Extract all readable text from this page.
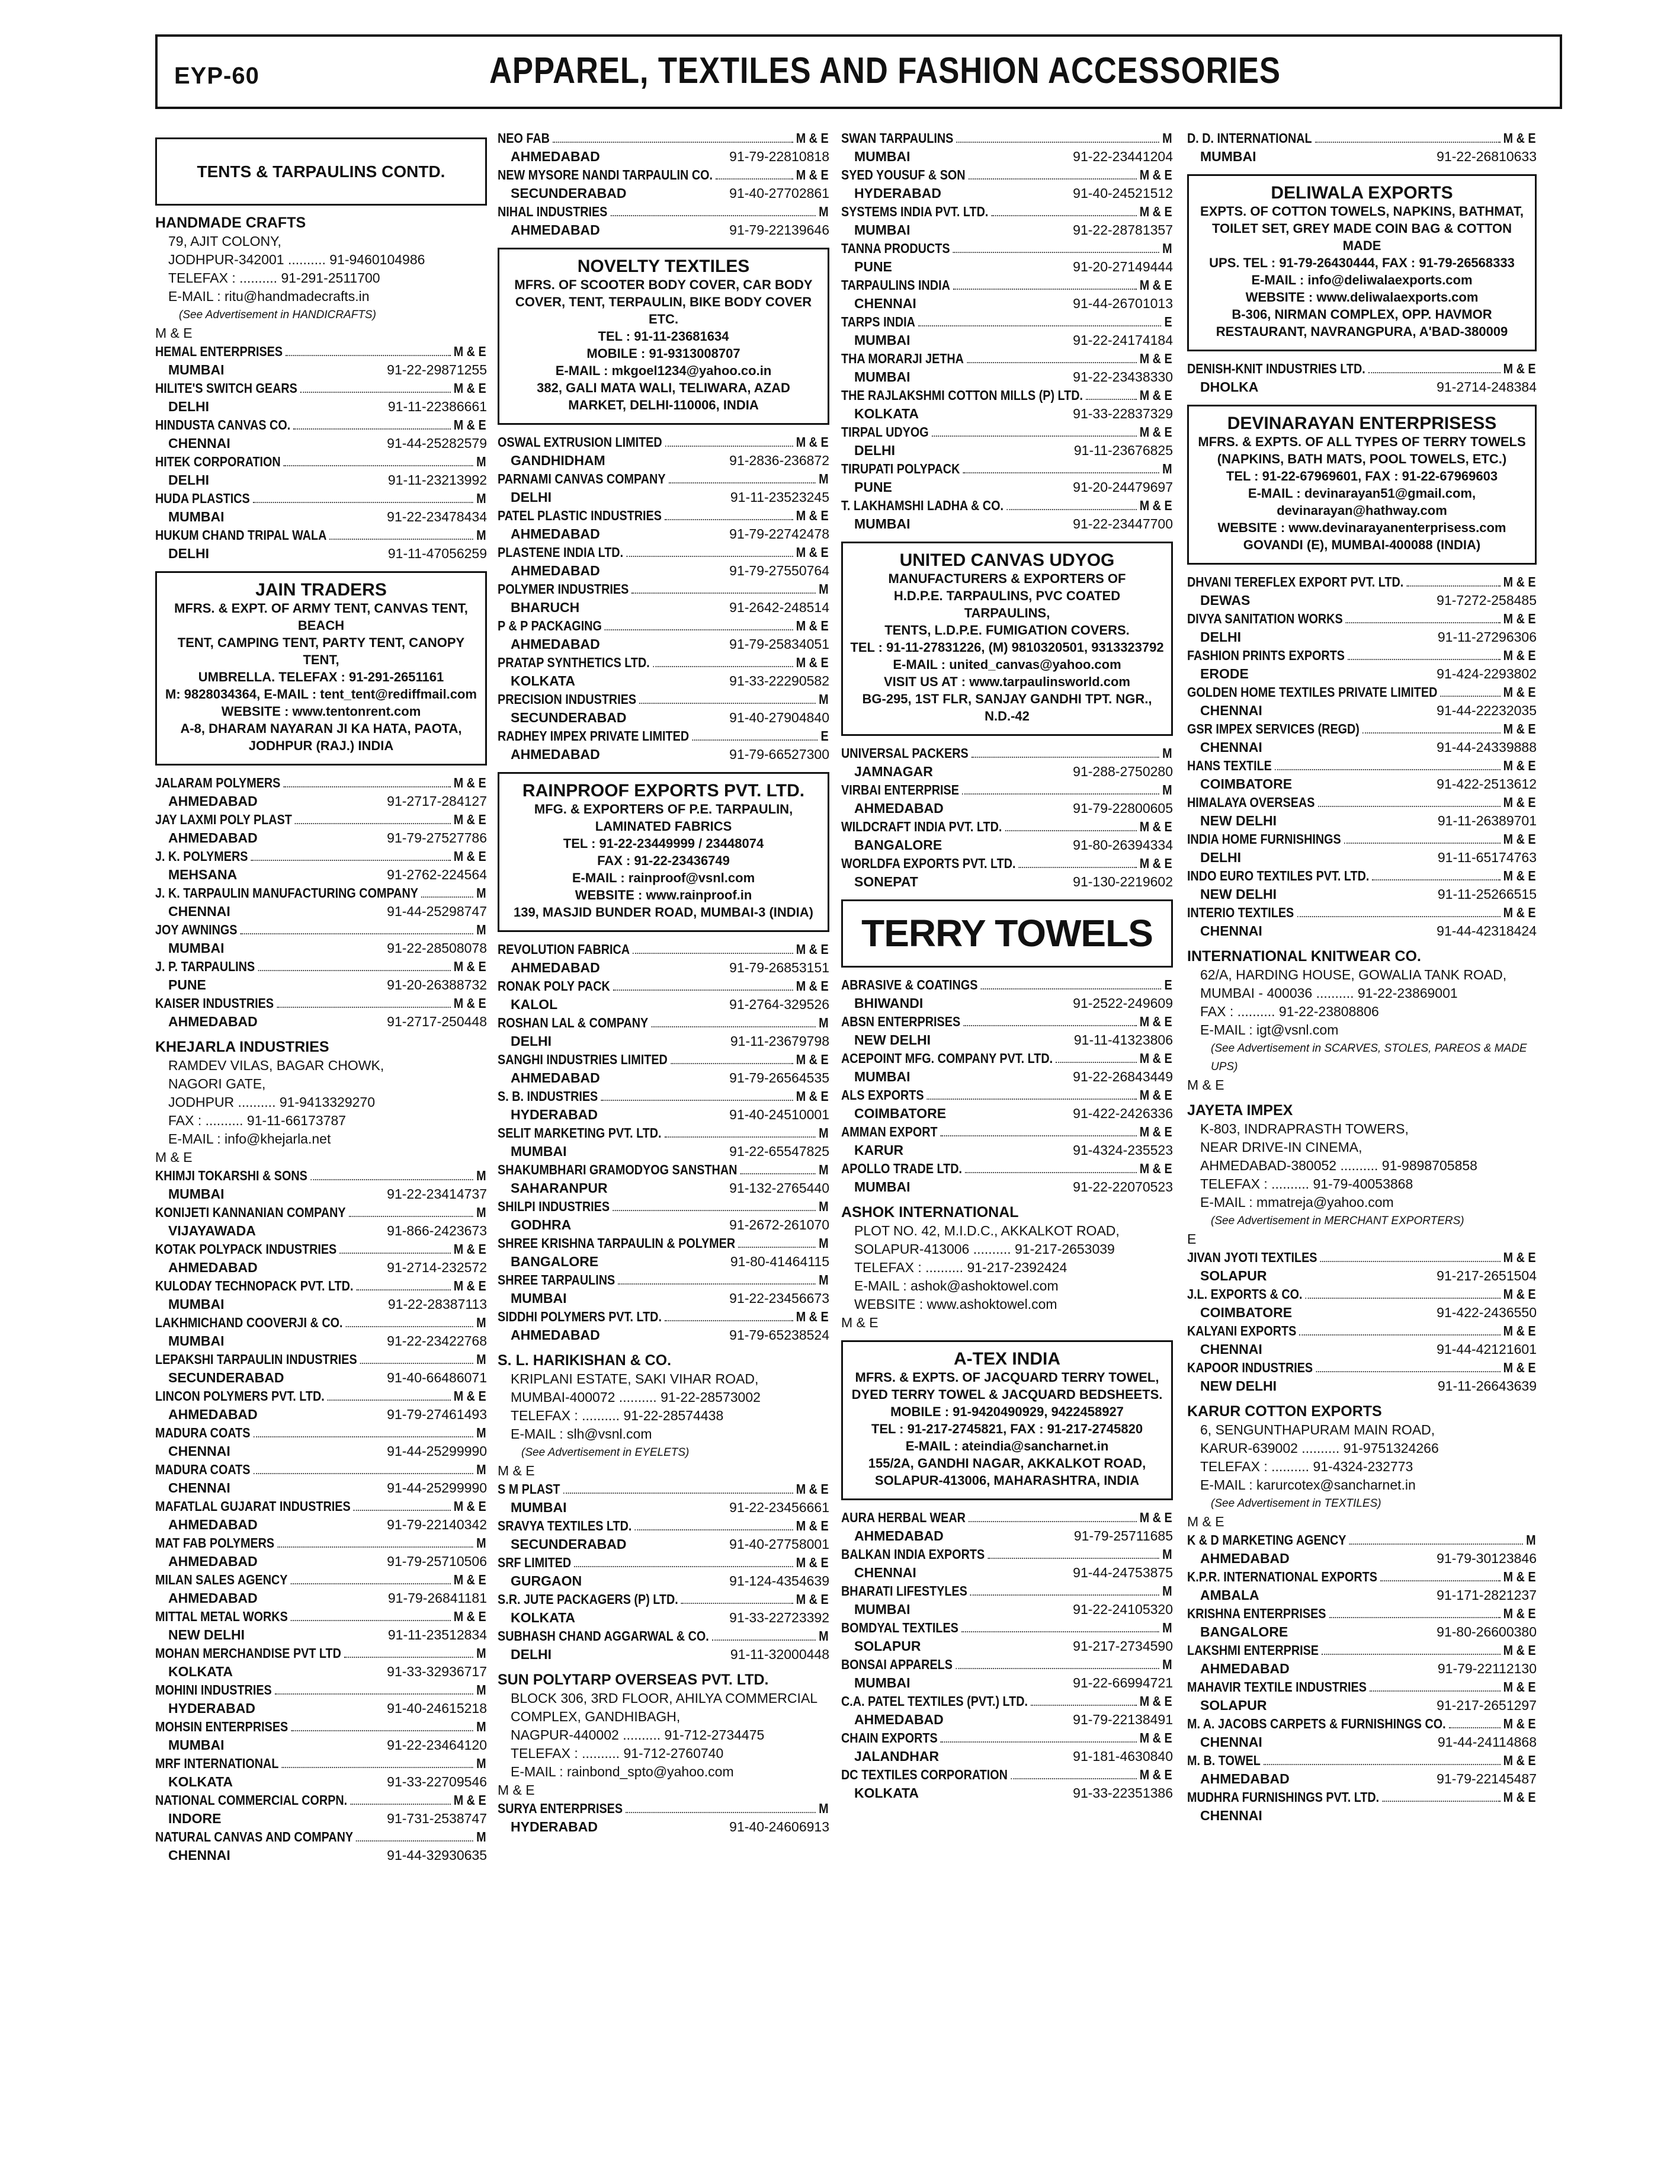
EYP-60	APPAREL, TEXTILES AND FASHION ACCESSORIES
TENTS & TARPAULINS CONTD.
HANDMADE CRAFTS
79, AJIT COLONY,
JODHPUR-342001 .......... 91-9460104986
TELEFAX : .......... 91-291-2511700
E-MAIL : ritu@handmadecrafts.in
(See Advertisement in HANDICRAFTS)
M & E
HEMAL ENTERPRISES	M & E
MUMBAI	91-22-29871255
HILITE'S SWITCH GEARS	M & E
DELHI	91-11-22386661
HINDUSTA CANVAS CO.	M & E
CHENNAI	91-44-25282579
HITEK CORPORATION	M
DELHI	91-11-23213992
HUDA PLASTICS	M
MUMBAI	91-22-23478434
HUKUM CHAND TRIPAL WALA	M
DELHI	91-11-47056259
JAIN TRADERS
MFRS. & EXPT. OF ARMY TENT, CANVAS TENT, BEACH
TENT, CAMPING TENT, PARTY TENT, CANOPY TENT,
UMBRELLA. TELEFAX : 91-291-2651161
M: 9828034364, E-MAIL : tent_tent@rediffmail.com
WEBSITE : www.tentonrent.com
A-8, DHARAM NAYARAN JI KA HATA, PAOTA,
JODHPUR (RAJ.) INDIA
JALARAM POLYMERS	M & E
AHMEDABAD	91-2717-284127
JAY LAXMI POLY PLAST	M & E
AHMEDABAD	91-79-27527786
J. K. POLYMERS	M & E
MEHSANA	91-2762-224564
J. K. TARPAULIN MANUFACTURING COMPANY	M
CHENNAI	91-44-25298747
JOY AWNINGS	M
MUMBAI	91-22-28508078
J. P. TARPAULINS	M & E
PUNE	91-20-26388732
KAISER INDUSTRIES	M & E
AHMEDABAD	91-2717-250448
KHEJARLA INDUSTRIES
RAMDEV VILAS, BAGAR CHOWK,
NAGORI GATE,
JODHPUR .......... 91-9413329270
FAX : .......... 91-11-66173787
E-MAIL : info@khejarla.net
M & E
KHIMJI TOKARSHI & SONS	M
MUMBAI	91-22-23414737
KONIJETI KANNANIAN COMPANY	M
VIJAYAWADA	91-866-2423673
KOTAK POLYPACK INDUSTRIES	M & E
AHMEDABAD	91-2714-232572
KULODAY TECHNOPACK PVT. LTD.	M & E
MUMBAI	91-22-28387113
LAKHMICHAND COOVERJI & CO.	M
MUMBAI	91-22-23422768
LEPAKSHI TARPAULIN INDUSTRIES	M
SECUNDERABAD	91-40-66486071
LINCON POLYMERS PVT. LTD.	M & E
AHMEDABAD	91-79-27461493
MADURA COATS	M
CHENNAI	91-44-25299990
MADURA COATS	M
CHENNAI	91-44-25299990
MAFATLAL GUJARAT INDUSTRIES	M & E
AHMEDABAD	91-79-22140342
MAT FAB POLYMERS	M
AHMEDABAD	91-79-25710506
MILAN SALES AGENCY	M & E
AHMEDABAD	91-79-26841181
MITTAL METAL WORKS	M & E
NEW DELHI	91-11-23512834
MOHAN MERCHANDISE PVT LTD	M
KOLKATA	91-33-32936717
MOHINI INDUSTRIES	M
HYDERABAD	91-40-24615218
MOHSIN ENTERPRISES	M
MUMBAI	91-22-23464120
MRF INTERNATIONAL	M
KOLKATA	91-33-22709546
NATIONAL COMMERCIAL CORPN.	M & E
INDORE	91-731-2538747
NATURAL CANVAS AND COMPANY	M
CHENNAI	91-44-32930635
NEO FAB	M & E
AHMEDABAD	91-79-22810818
NEW MYSORE NANDI TARPAULIN CO.	M & E
SECUNDERABAD	91-40-27702861
NIHAL INDUSTRIES	M
AHMEDABAD	91-79-22139646
NOVELTY TEXTILES
MFRS. OF SCOOTER BODY COVER, CAR BODY
COVER, TENT, TERPAULIN, BIKE BODY COVER ETC.
TEL : 91-11-23681634
MOBILE : 91-9313008707
E-MAIL : mkgoel1234@yahoo.co.in
382, GALI MATA WALI, TELIWARA, AZAD
MARKET, DELHI-110006, INDIA
OSWAL EXTRUSION LIMITED	M & E
GANDHIDHAM	91-2836-236872
PARNAMI CANVAS COMPANY	M
DELHI	91-11-23523245
PATEL PLASTIC INDUSTRIES	M & E
AHMEDABAD	91-79-22742478
PLASTENE INDIA LTD.	M & E
AHMEDABAD	91-79-27550764
POLYMER INDUSTRIES	M
BHARUCH	91-2642-248514
P & P PACKAGING	M & E
AHMEDABAD	91-79-25834051
PRATAP SYNTHETICS LTD.	M & E
KOLKATA	91-33-22290582
PRECISION INDUSTRIES	M
SECUNDERABAD	91-40-27904840
RADHEY IMPEX PRIVATE LIMITED	E
AHMEDABAD	91-79-66527300
RAINPROOF EXPORTS PVT. LTD.
MFG. & EXPORTERS OF P.E. TARPAULIN,
LAMINATED FABRICS
TEL : 91-22-23449999 / 23448074
FAX : 91-22-23436749
E-MAIL : rainproof@vsnl.com
WEBSITE : www.rainproof.in
139, MASJID BUNDER ROAD, MUMBAI-3 (INDIA)
REVOLUTION FABRICA	M & E
AHMEDABAD	91-79-26853151
RONAK POLY PACK	M & E
KALOL	91-2764-329526
ROSHAN LAL & COMPANY	M
DELHI	91-11-23679798
SANGHI INDUSTRIES LIMITED	M & E
AHMEDABAD	91-79-26564535
S. B. INDUSTRIES	M & E
HYDERABAD	91-40-24510001
SELIT MARKETING PVT. LTD.	M
MUMBAI	91-22-65547825
SHAKUMBHARI GRAMODYOG SANSTHAN	M
SAHARANPUR	91-132-2765440
SHILPI INDUSTRIES	M
GODHRA	91-2672-261070
SHREE KRISHNA TARPAULIN & POLYMER	M
BANGALORE	91-80-41464115
SHREE TARPAULINS	M
MUMBAI	91-22-23456673
SIDDHI POLYMERS PVT. LTD.	M & E
AHMEDABAD	91-79-65238524
S. L. HARIKISHAN & CO.
KRIPLANI ESTATE, SAKI VIHAR ROAD,
MUMBAI-400072 .......... 91-22-28573002
TELEFAX : .......... 91-22-28574438
E-MAIL : slh@vsnl.com
(See Advertisement in EYELETS)
M & E
S M PLAST	M & E
MUMBAI	91-22-23456661
SRAVYA TEXTILES LTD.	M & E
SECUNDERABAD	91-40-27758001
SRF LIMITED	M & E
GURGAON	91-124-4354639
S.R. JUTE PACKAGERS (P) LTD.	M & E
KOLKATA	91-33-22723392
SUBHASH CHAND AGGARWAL & CO.	M
DELHI	91-11-32000448
SUN POLYTARP OVERSEAS PVT. LTD.
BLOCK 306, 3RD FLOOR, AHILYA COMMERCIAL
COMPLEX, GANDHIBAGH,
NAGPUR-440002 .......... 91-712-2734475
TELEFAX : .......... 91-712-2760740
E-MAIL : rainbond_spto@yahoo.com
M & E
SURYA ENTERPRISES	M
HYDERABAD	91-40-24606913
SWAN TARPAULINS	M
MUMBAI	91-22-23441204
SYED YOUSUF & SON	M & E
HYDERABAD	91-40-24521512
SYSTEMS INDIA PVT. LTD.	M & E
MUMBAI	91-22-28781357
TANNA PRODUCTS	M
PUNE	91-20-27149444
TARPAULINS INDIA	M & E
CHENNAI	91-44-26701013
TARPS INDIA	E
MUMBAI	91-22-24174184
THA MORARJI JETHA	M & E
MUMBAI	91-22-23438330
THE RAJLAKSHMI COTTON MILLS (P) LTD.	M & E
KOLKATA	91-33-22837329
TIRPAL UDYOG	M & E
DELHI	91-11-23676825
TIRUPATI POLYPACK	M
PUNE	91-20-24479697
T. LAKHAMSHI LADHA & CO.	M & E
MUMBAI	91-22-23447700
UNITED CANVAS UDYOG
MANUFACTURERS & EXPORTERS OF
H.D.P.E. TARPAULINS, PVC COATED TARPAULINS,
TENTS, L.D.P.E. FUMIGATION COVERS.
TEL : 91-11-27831226, (M) 9810320501, 9313323792
E-MAIL : united_canvas@yahoo.com
VISIT US AT : www.tarpaulinsworld.com
BG-295, 1ST FLR, SANJAY GANDHI TPT. NGR., N.D.-42
UNIVERSAL PACKERS	M
JAMNAGAR	91-288-2750280
VIRBAI ENTERPRISE	M
AHMEDABAD	91-79-22800605
WILDCRAFT INDIA PVT. LTD.	M & E
BANGALORE	91-80-26394334
WORLDFA EXPORTS PVT. LTD.	M & E
SONEPAT	91-130-2219602
TERRY TOWELS
ABRASIVE & COATINGS	E
BHIWANDI	91-2522-249609
ABSN ENTERPRISES	M & E
NEW DELHI	91-11-41323806
ACEPOINT MFG. COMPANY PVT. LTD.	M & E
MUMBAI	91-22-26843449
ALS EXPORTS	M & E
COIMBATORE	91-422-2426336
AMMAN EXPORT	M & E
KARUR	91-4324-235523
APOLLO TRADE LTD.	M & E
MUMBAI	91-22-22070523
ASHOK INTERNATIONAL
PLOT NO. 42, M.I.D.C., AKKALKOT ROAD,
SOLAPUR-413006 .......... 91-217-2653039
TELEFAX : .......... 91-217-2392424
E-MAIL : ashok@ashoktowel.com
WEBSITE : www.ashoktowel.com
M & E
A-TEX INDIA
MFRS. & EXPTS. OF JACQUARD TERRY TOWEL,
DYED TERRY TOWEL & JACQUARD BEDSHEETS.
MOBILE : 91-9420490929, 9422458927
TEL : 91-217-2745821, FAX : 91-217-2745820
E-MAIL : ateindia@sancharnet.in
155/2A, GANDHI NAGAR, AKKALKOT ROAD,
SOLAPUR-413006, MAHARASHTRA, INDIA
AURA HERBAL WEAR	M & E
AHMEDABAD	91-79-25711685
BALKAN INDIA EXPORTS	M
CHENNAI	91-44-24753875
BHARATI LIFESTYLES	M
MUMBAI	91-22-24105320
BOMDYAL TEXTILES	M
SOLAPUR	91-217-2734590
BONSAI APPARELS	M
MUMBAI	91-22-66994721
C.A. PATEL TEXTILES (PVT.) LTD.	M & E
AHMEDABAD	91-79-22138491
CHAIN EXPORTS	M & E
JALANDHAR	91-181-4630840
DC TEXTILES CORPORATION	M & E
KOLKATA	91-33-22351386
D. D. INTERNATIONAL	M & E
MUMBAI	91-22-26810633
DELIWALA EXPORTS
EXPTS. OF COTTON TOWELS, NAPKINS, BATHMAT,
TOILET SET, GREY MADE COIN BAG & COTTON MADE
UPS. TEL : 91-79-26430444, FAX : 91-79-26568333
E-MAIL : info@deliwalaexports.com
WEBSITE : www.deliwalaexports.com
B-306, NIRMAN COMPLEX, OPP. HAVMOR
RESTAURANT, NAVRANGPURA, A'BAD-380009
DENISH-KNIT INDUSTRIES LTD.	M & E
DHOLKA	91-2714-248384
DEVINARAYAN ENTERPRISESS
MFRS. & EXPTS. OF ALL TYPES OF TERRY TOWELS
(NAPKINS, BATH MATS, POOL TOWELS, ETC.)
TEL : 91-22-67969601, FAX : 91-22-67969603
E-MAIL : devinarayan51@gmail.com,
devinarayan@hathway.com
WEBSITE : www.devinarayanenterprisess.com
GOVANDI (E), MUMBAI-400088 (INDIA)
DHVANI TEREFLEX EXPORT PVT. LTD.	M & E
DEWAS	91-7272-258485
DIVYA SANITATION WORKS	M & E
DELHI	91-11-27296306
FASHION PRINTS EXPORTS	M & E
ERODE	91-424-2293802
GOLDEN HOME TEXTILES PRIVATE LIMITED	M & E
CHENNAI	91-44-22232035
GSR IMPEX SERVICES (REGD)	M & E
CHENNAI	91-44-24339888
HANS TEXTILE	M & E
COIMBATORE	91-422-2513612
HIMALAYA OVERSEAS	M & E
NEW DELHI	91-11-26389701
INDIA HOME FURNISHINGS	M & E
DELHI	91-11-65174763
INDO EURO TEXTILES PVT. LTD.	M & E
NEW DELHI	91-11-25266515
INTERIO TEXTILES	M & E
CHENNAI	91-44-42318424
INTERNATIONAL KNITWEAR CO.
62/A, HARDING HOUSE, GOWALIA TANK ROAD,
MUMBAI - 400036 .......... 91-22-23869001
FAX : .......... 91-22-23808806
E-MAIL : igt@vsnl.com
(See Advertisement in SCARVES, STOLES, PAREOS & MADE UPS)
M & E
JAYETA IMPEX
K-803, INDRAPRASTH TOWERS,
NEAR DRIVE-IN CINEMA,
AHMEDABAD-380052 .......... 91-9898705858
TELEFAX : .......... 91-79-40053868
E-MAIL : mmatreja@yahoo.com
(See Advertisement in MERCHANT EXPORTERS)
E
JIVAN JYOTI TEXTILES	M & E
SOLAPUR	91-217-2651504
J.L. EXPORTS & CO.	M & E
COIMBATORE	91-422-2436550
KALYANI EXPORTS	M & E
CHENNAI	91-44-42121601
KAPOOR INDUSTRIES	M & E
NEW DELHI	91-11-26643639
KARUR COTTON EXPORTS
6, SENGUNTHAPURAM MAIN ROAD,
KARUR-639002 .......... 91-9751324266
TELEFAX : .......... 91-4324-232773
E-MAIL : karurcotex@sancharnet.in
(See Advertisement in TEXTILES)
M & E
K & D MARKETING AGENCY	M
AHMEDABAD	91-79-30123846
K.P.R. INTERNATIONAL EXPORTS	M & E
AMBALA	91-171-2821237
KRISHNA ENTERPRISES	M & E
BANGALORE	91-80-26600380
LAKSHMI ENTERPRISE	M & E
AHMEDABAD	91-79-22112130
MAHAVIR TEXTILE INDUSTRIES	M & E
SOLAPUR	91-217-2651297
M. A. JACOBS CARPETS & FURNISHINGS CO.	M & E
CHENNAI	91-44-24114868
M. B. TOWEL	M & E
AHMEDABAD	91-79-22145487
MUDHRA FURNISHINGS PVT. LTD.	M & E
CHENNAI
